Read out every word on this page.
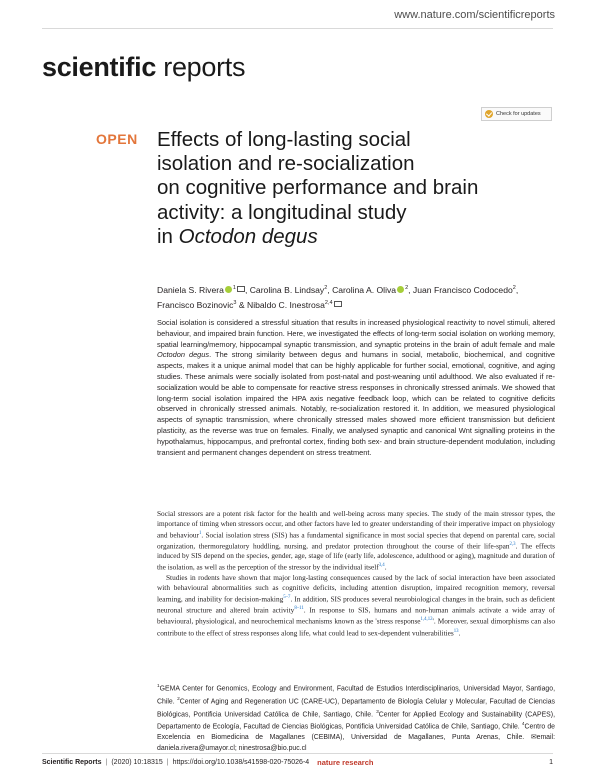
www.nature.com/scientificreports
scientific reports
Check for updates
OPEN Effects of long-lasting social
isolation and re-socialization
on cognitive performance and brain
activity: a longitudinal study
in Octodon degus
Daniela S. Rivera $^1$ , Carolina B. Lindsay$^2$, Carolina A. Oliva $^2$, Juan Francisco Codocedo$^2$, Francisco Bozinovic$^3$ & Nibaldo C. Inestrosa$^{2,4}$
Social isolation is considered a stressful situation that results in increased physiological reactivity to novel stimuli, altered behaviour, and impaired brain function. Here, we investigated the effects of long-term social isolation on working memory, spatial learning/memory, hippocampal synaptic transmission, and synaptic proteins in the brain of adult female and male Octodon degus. The strong similarity between degus and humans in social, metabolic, biochemical, and cognitive aspects, makes it a unique animal model that can be highly applicable for further social, emotional, cognitive, and aging studies. These animals were socially isolated from post-natal and post-weaning until adulthood. We also evaluated if re-socialization would be able to compensate for reactive stress responses in chronically stressed animals. We showed that long-term social isolation impaired the HPA axis negative feedback loop, which can be related to cognitive deficits observed in chronically stressed animals. Notably, re-socialization restored it. In addition, we measured physiological aspects of synaptic transmission, where chronically stressed males showed more efficient transmission but deficient plasticity, as the reverse was true on females. Finally, we analysed synaptic and canonical Wnt signalling proteins in the hypothalamus, hippocampus, and prefrontal cortex, finding both sex- and brain structure-dependent modulation, including transient and permanent changes dependent on stress treatment.

Social stressors are a potent risk factor for the health and well-being across many species. The study of the main stressor types, the importance of timing when stressors occur, and other factors have led to greater understanding of their imperative impact on physiology and behaviour$^1$. Social isolation stress (SIS) has a fundamental significance in most social species that depend on parental care, social organization, thermoregulatory huddling, nursing, and predator protection throughout the course of their life-span$^{2,3}$. The effects induced by SIS depend on the species, gender, age, stage of life (early life, adolescence, adulthood or aging), magnitude and duration of the isolation, as well as the perception of the stressor by the individual itself$^{3,4}$.

Studies in rodents have shown that major long-lasting consequences caused by the lack of social interaction have been associated with behavioural abnormalities such as cognitive deficits, including attention disruption, impaired recognition memory, reversal learning, and inability for decision-making$^{5-7}$. In addition, SIS produces several neurobiological changes in the brain, such as deficient neuronal structure and altered brain activity$^{8-11}$. In response to SIS, humans and non-human animals activate a wide array of behavioural, physiological, and neurochemical mechanisms known as the 'stress response$^{1,4,12}$'. Moreover, sexual dimorphisms can also contribute to the effect of stress responses along life, what could lead to sex-dependent vulnerabilities$^{13}$.

$^1$GEMA Center for Genomics, Ecology and Environment, Facultad de Estudios Interdisciplinarios, Universidad Mayor, Santiago, Chile. $^2$Center of Aging and Regeneration UC (CARE-UC), Departamento de Biología Celular y Molecular, Facultad de Ciencias Biológicas, Pontificia Universidad Católica de Chile, Santiago, Chile. $^3$Center for Applied Ecology and Sustainability (CAPES), Departamento de Ecología, Facultad de Ciencias Biológicas, Pontificia Universidad Católica de Chile, Santiago, Chile. $^4$Centro de Excelencia en Biomedicina de Magallanes (CEBIMA), Universidad de Magallanes, Punta Arenas, Chile. ✉email: daniela.rivera@umayor.cl; ninestrosa@bio.puc.cl
Scientific Reports | (2020) 10:18315 | https://doi.org/10.1038/s41598-020-75026-4 nature research	1
